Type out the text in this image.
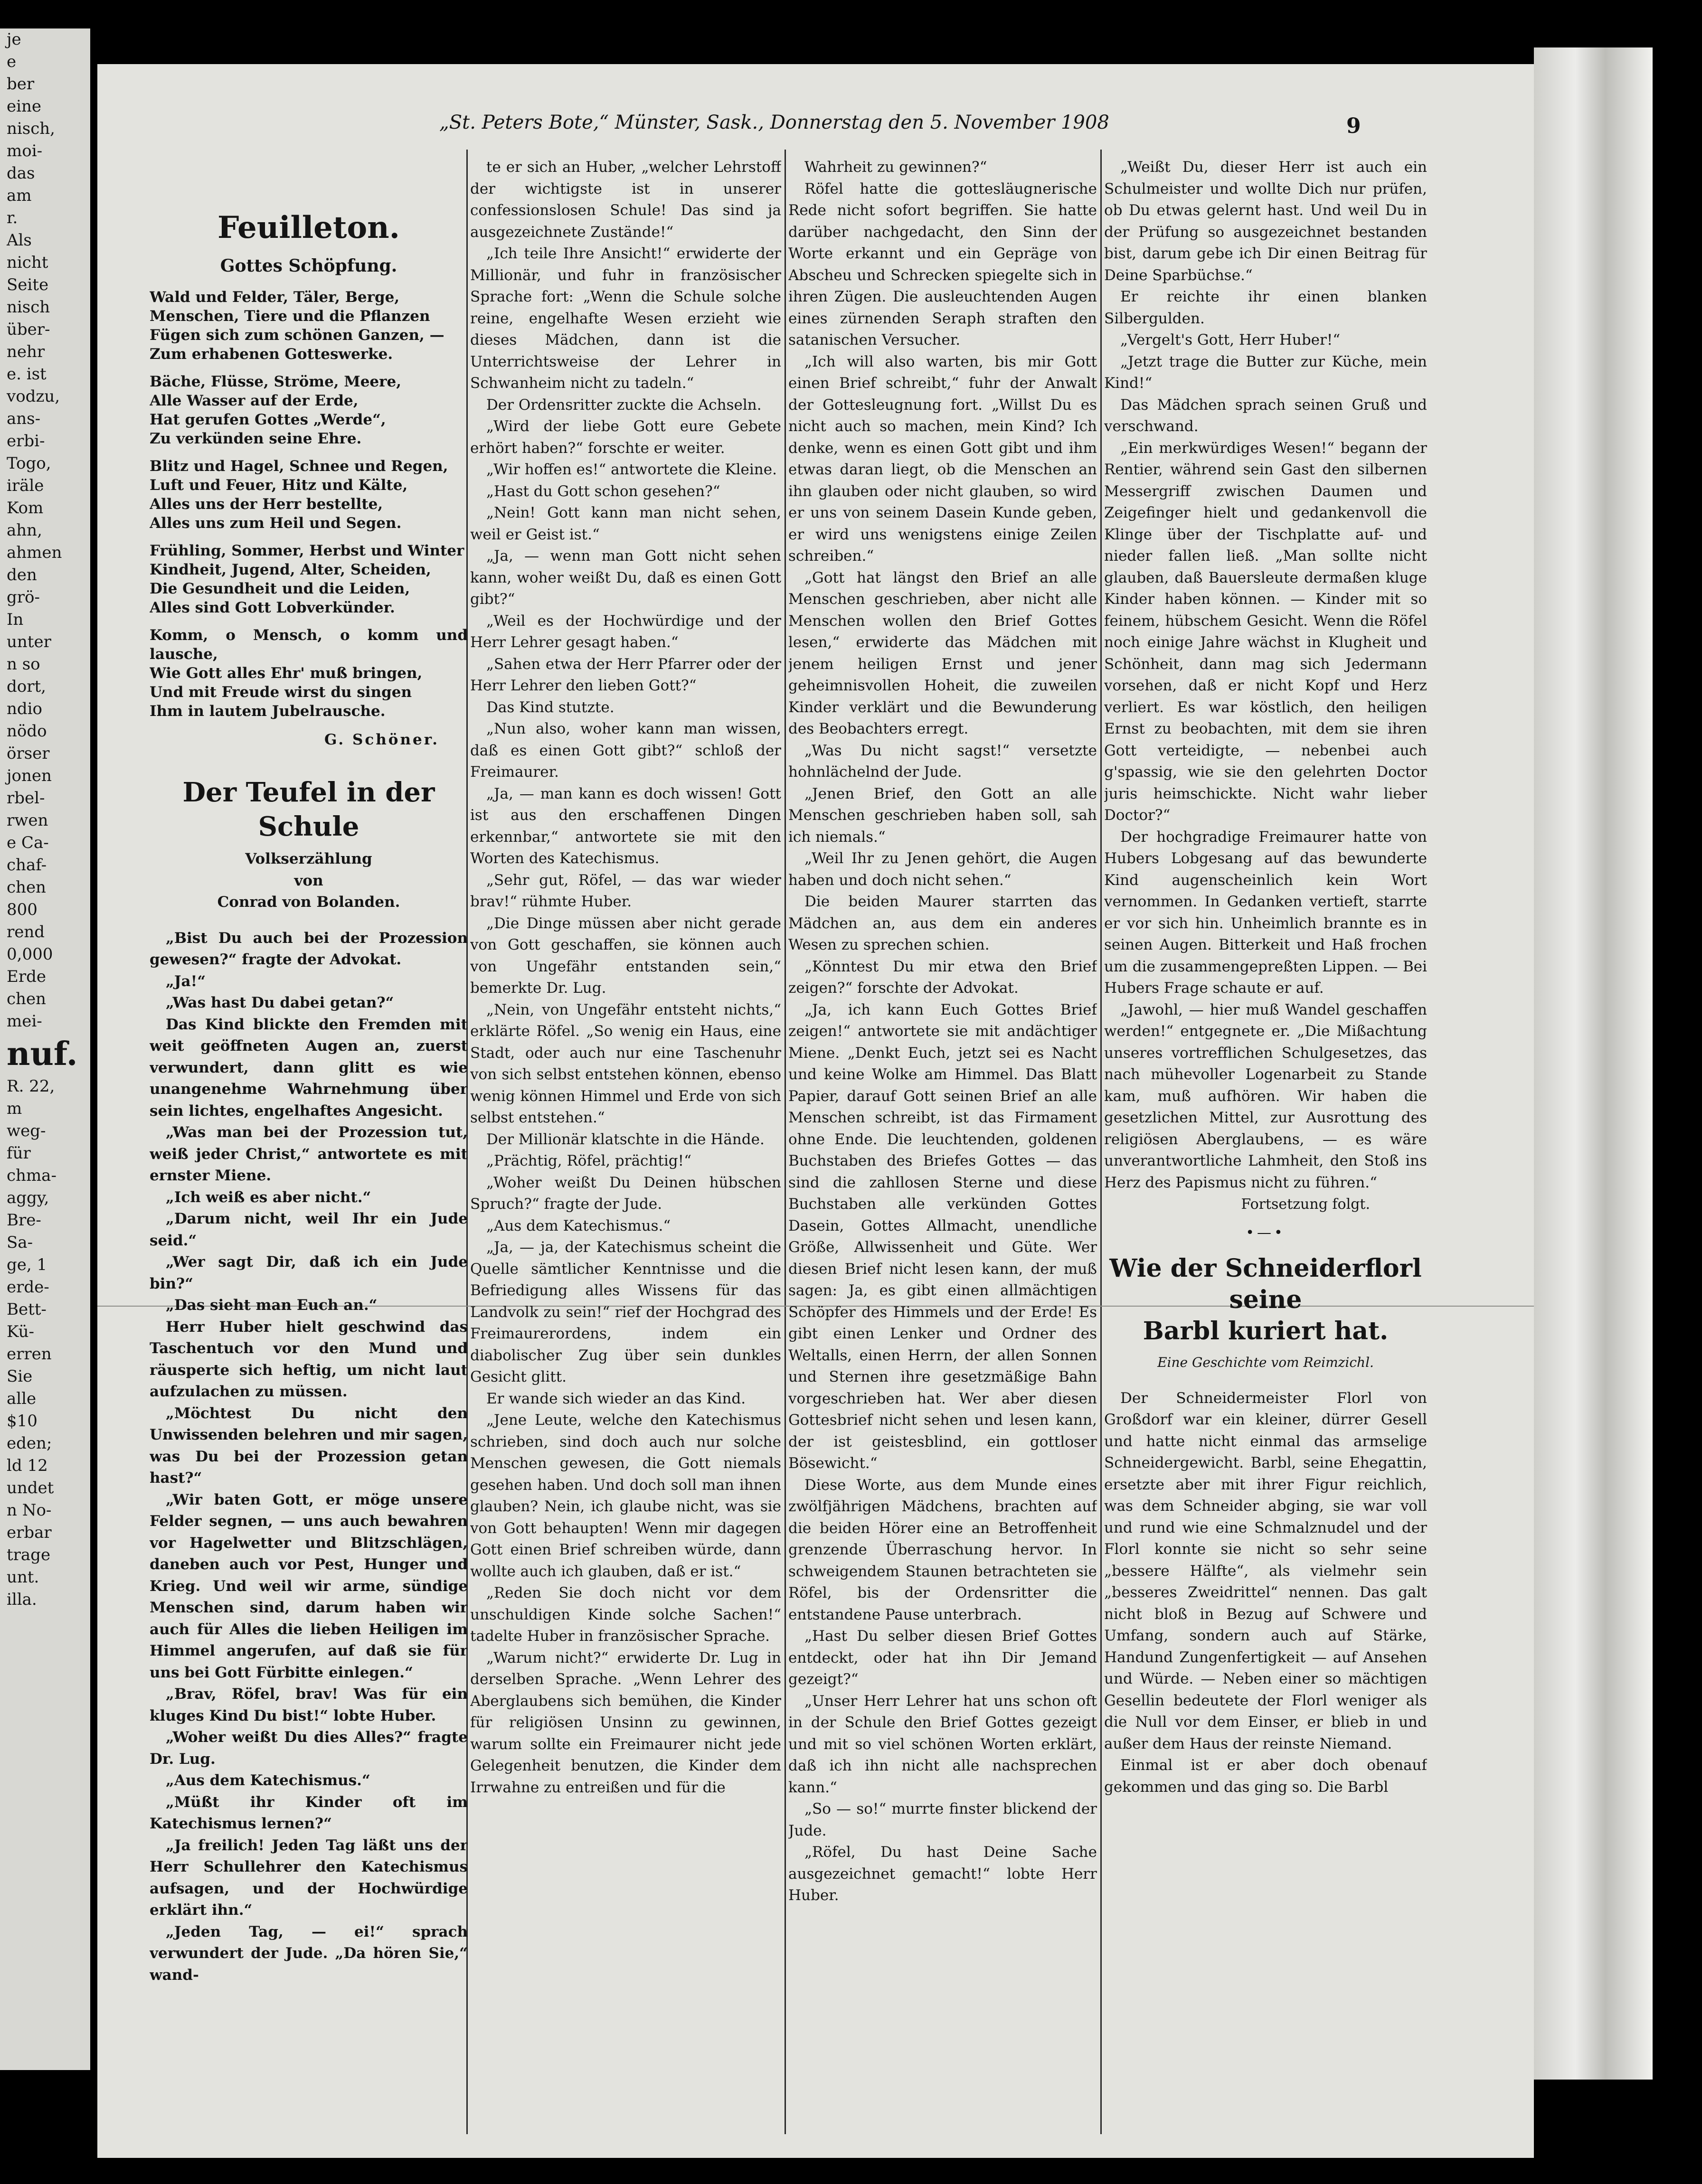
je
e
ber
eine
nisch,
moi-
das
am
r.
Als
nicht
Seite
nisch
über-
nehr
e. ist
vodzu,
ans-
erbi-
Togo,
iräle
Kom
ahn,
ahmen
den
grö-
In
unter
n so
dort,
ndio
nödo
örser
jonen
rbel-
rwen
e Ca-
chaf-
chen
800
rend
0,000
Erde
chen
mei-
nuf.
R. 22,
m
weg-
für
chma-
aggy,
Bre-
Sa-
ge, 1
erde-
Bett-
Kü-
erren
Sie
alle
$10
eden;
ld 12
undet
n No-
erbar
trage
unt.
illa.
„St. Peters Bote,“ Münster, Sask., Donnerstag den 5. November 1908	9
Feuilleton.
Gottes Schöpfung.

Wald und Felder, Täler, Berge,

Menschen, Tiere und die Pflanzen

Fügen sich zum schönen Ganzen, —

Zum erhabenen Gotteswerke.

Bäche, Flüsse, Ströme, Meere,

Alle Wasser auf der Erde,

Hat gerufen Gottes „Werde“,

Zu verkünden seine Ehre.

Blitz und Hagel, Schnee und Regen,

Luft und Feuer, Hitz und Kälte,

Alles uns der Herr bestellte,

Alles uns zum Heil und Segen.

Frühling, Sommer, Herbst und Winter

Kindheit, Jugend, Alter, Scheiden,

Die Gesundheit und die Leiden,

Alles sind Gott Lobverkünder.

Komm, o Mensch, o komm und lausche,

Wie Gott alles Ehr' muß bringen,

Und mit Freude wirst du singen

Ihm in lautem Jubelrausche.

G. Schöner.
Der Teufel in der Schule
Volkserzählung
von
Conrad von Bolanden.

„Bist Du auch bei der Prozession gewesen?“ fragte der Advokat.

„Ja!“

„Was hast Du dabei getan?“

Das Kind blickte den Fremden mit weit geöffneten Augen an, zuerst verwundert, dann glitt es wie unangenehme Wahrnehmung über sein lichtes, engelhaftes Angesicht.

„Was man bei der Prozession tut, weiß jeder Christ,“ antwortete es mit ernster Miene.

„Ich weiß es aber nicht.“

„Darum nicht, weil Ihr ein Jude seid.“

„Wer sagt Dir, daß ich ein Jude bin?“

„Das sieht man Euch an.“

Herr Huber hielt geschwind das Taschentuch vor den Mund und räusperte sich heftig, um nicht laut aufzulachen zu müssen.

„Möchtest Du nicht den Unwissenden belehren und mir sagen, was Du bei der Prozession getan hast?“

„Wir baten Gott, er möge unsere Felder segnen, — uns auch bewahren vor Hagelwetter und Blitzschlägen, daneben auch vor Pest, Hunger und Krieg. Und weil wir arme, sündige Menschen sind, darum haben wir auch für Alles die lieben Heiligen im Himmel angerufen, auf daß sie für uns bei Gott Fürbitte einlegen.“

„Brav, Röfel, brav! Was für ein kluges Kind Du bist!“ lobte Huber.

„Woher weißt Du dies Alles?“ fragte Dr. Lug.

„Aus dem Katechismus.“

„Müßt ihr Kinder oft im Katechismus lernen?“

„Ja freilich! Jeden Tag läßt uns der Herr Schullehrer den Katechismus aufsagen, und der Hochwürdige erklärt ihn.“

„Jeden Tag, — ei!“ sprach verwundert der Jude. „Da hören Sie,“ wand-

te er sich an Huber, „welcher Lehrstoff der wichtigste ist in unserer confessionslosen Schule! Das sind ja ausgezeichnete Zustände!“

„Ich teile Ihre Ansicht!“ erwiderte der Millionär, und fuhr in französischer Sprache fort: „Wenn die Schule solche reine, engelhafte Wesen erzieht wie dieses Mädchen, dann ist die Unterrichtsweise der Lehrer in Schwanheim nicht zu tadeln.“

Der Ordensritter zuckte die Achseln.

„Wird der liebe Gott eure Gebete erhört haben?“ forschte er weiter.

„Wir hoffen es!“ antwortete die Kleine.

„Hast du Gott schon gesehen?“

„Nein! Gott kann man nicht sehen, weil er Geist ist.“

„Ja, — wenn man Gott nicht sehen kann, woher weißt Du, daß es einen Gott gibt?“

„Weil es der Hochwürdige und der Herr Lehrer gesagt haben.“

„Sahen etwa der Herr Pfarrer oder der Herr Lehrer den lieben Gott?“

Das Kind stutzte.

„Nun also, woher kann man wissen, daß es einen Gott gibt?“ schloß der Freimaurer.

„Ja, — man kann es doch wissen! Gott ist aus den erschaffenen Dingen erkennbar,“ antwortete sie mit den Worten des Katechismus.

„Sehr gut, Röfel, — das war wieder brav!“ rühmte Huber.

„Die Dinge müssen aber nicht gerade von Gott geschaffen, sie können auch von Ungefähr entstanden sein,“ bemerkte Dr. Lug.

„Nein, von Ungefähr entsteht nichts,“ erklärte Röfel. „So wenig ein Haus, eine Stadt, oder auch nur eine Taschenuhr von sich selbst entstehen können, ebenso wenig können Himmel und Erde von sich selbst entstehen.“

Der Millionär klatschte in die Hände.

„Prächtig, Röfel, prächtig!“

„Woher weißt Du Deinen hübschen Spruch?“ fragte der Jude.

„Aus dem Katechismus.“

„Ja, — ja, der Katechismus scheint die Quelle sämtlicher Kenntnisse und die Befriedigung alles Wissens für das Landvolk zu sein!“ rief der Hochgrad des Freimaurerordens, indem ein diabolischer Zug über sein dunkles Gesicht glitt.

Er wande sich wieder an das Kind.

„Jene Leute, welche den Katechismus schrieben, sind doch auch nur solche Menschen gewesen, die Gott niemals gesehen haben. Und doch soll man ihnen glauben? Nein, ich glaube nicht, was sie von Gott behaupten! Wenn mir dagegen Gott einen Brief schreiben würde, dann wollte auch ich glauben, daß er ist.“

„Reden Sie doch nicht vor dem unschuldigen Kinde solche Sachen!“ tadelte Huber in französischer Sprache.

„Warum nicht?“ erwiderte Dr. Lug in derselben Sprache. „Wenn Lehrer des Aberglaubens sich bemühen, die Kinder für religiösen Unsinn zu gewinnen, warum sollte ein Freimaurer nicht jede Gelegenheit benutzen, die Kinder dem Irrwahne zu entreißen und für die

Wahrheit zu gewinnen?“

Röfel hatte die gottesläugnerische Rede nicht sofort begriffen. Sie hatte darüber nachgedacht, den Sinn der Worte erkannt und ein Gepräge von Abscheu und Schrecken spiegelte sich in ihren Zügen. Die ausleuchtenden Augen eines zürnenden Seraph straften den satanischen Versucher.

„Ich will also warten, bis mir Gott einen Brief schreibt,“ fuhr der Anwalt der Gottesleugnung fort. „Willst Du es nicht auch so machen, mein Kind? Ich denke, wenn es einen Gott gibt und ihm etwas daran liegt, ob die Menschen an ihn glauben oder nicht glauben, so wird er uns von seinem Dasein Kunde geben, er wird uns wenigstens einige Zeilen schreiben.“

„Gott hat längst den Brief an alle Menschen geschrieben, aber nicht alle Menschen wollen den Brief Gottes lesen,“ erwiderte das Mädchen mit jenem heiligen Ernst und jener geheimnisvollen Hoheit, die zuweilen Kinder verklärt und die Bewunderung des Beobachters erregt.

„Was Du nicht sagst!“ versetzte hohnlächelnd der Jude.

„Jenen Brief, den Gott an alle Menschen geschrieben haben soll, sah ich niemals.“

„Weil Ihr zu Jenen gehört, die Augen haben und doch nicht sehen.“

Die beiden Maurer starrten das Mädchen an, aus dem ein anderes Wesen zu sprechen schien.

„Könntest Du mir etwa den Brief zeigen?“ forschte der Advokat.

„Ja, ich kann Euch Gottes Brief zeigen!“ antwortete sie mit andächtiger Miene. „Denkt Euch, jetzt sei es Nacht und keine Wolke am Himmel. Das Blatt Papier, darauf Gott seinen Brief an alle Menschen schreibt, ist das Firmament ohne Ende. Die leuchtenden, goldenen Buchstaben des Briefes Gottes — das sind die zahllosen Sterne und diese Buchstaben alle verkünden Gottes Dasein, Gottes Allmacht, unendliche Größe, Allwissenheit und Güte. Wer diesen Brief nicht lesen kann, der muß sagen: Ja, es gibt einen allmächtigen Schöpfer des Himmels und der Erde! Es gibt einen Lenker und Ordner des Weltalls, einen Herrn, der allen Sonnen und Sternen ihre gesetzmäßige Bahn vorgeschrieben hat. Wer aber diesen Gottesbrief nicht sehen und lesen kann, der ist geistesblind, ein gottloser Bösewicht.“

Diese Worte, aus dem Munde eines zwölfjährigen Mädchens, brachten auf die beiden Hörer eine an Betroffenheit grenzende Überraschung hervor. In schweigendem Staunen betrachteten sie Röfel, bis der Ordensritter die entstandene Pause unterbrach.

„Hast Du selber diesen Brief Gottes entdeckt, oder hat ihn Dir Jemand gezeigt?“

„Unser Herr Lehrer hat uns schon oft in der Schule den Brief Gottes gezeigt und mit so viel schönen Worten erklärt, daß ich ihn nicht alle nachsprechen kann.“

„So — so!“ murrte finster blickend der Jude.

„Röfel, Du hast Deine Sache ausgezeichnet gemacht!“ lobte Herr Huber.

„Weißt Du, dieser Herr ist auch ein Schulmeister und wollte Dich nur prüfen, ob Du etwas gelernt hast. Und weil Du in der Prüfung so ausgezeichnet bestanden bist, darum gebe ich Dir einen Beitrag für Deine Sparbüchse.“

Er reichte ihr einen blanken Silbergulden.

„Vergelt's Gott, Herr Huber!“

„Jetzt trage die Butter zur Küche, mein Kind!“

Das Mädchen sprach seinen Gruß und verschwand.

„Ein merkwürdiges Wesen!“ begann der Rentier, während sein Gast den silbernen Messergriff zwischen Daumen und Zeigefinger hielt und gedankenvoll die Klinge über der Tischplatte auf- und nieder fallen ließ. „Man sollte nicht glauben, daß Bauersleute dermaßen kluge Kinder haben können. — Kinder mit so feinem, hübschem Gesicht. Wenn die Röfel noch einige Jahre wächst in Klugheit und Schönheit, dann mag sich Jedermann vorsehen, daß er nicht Kopf und Herz verliert. Es war köstlich, den heiligen Ernst zu beobachten, mit dem sie ihren Gott verteidigte, — nebenbei auch g'spassig, wie sie den gelehrten Doctor juris heimschickte. Nicht wahr lieber Doctor?“

Der hochgradige Freimaurer hatte von Hubers Lobgesang auf das bewunderte Kind augenscheinlich kein Wort vernommen. In Gedanken vertieft, starrte er vor sich hin. Unheimlich brannte es in seinen Augen. Bitterkeit und Haß frochen um die zusammengepreßten Lippen. — Bei Hubers Frage schaute er auf.

„Jawohl, — hier muß Wandel geschaffen werden!“ entgegnete er. „Die Mißachtung unseres vortrefflichen Schulgesetzes, das nach mühevoller Logenarbeit zu Stande kam, muß aufhören. Wir haben die gesetzlichen Mittel, zur Ausrottung des religiösen Aberglaubens, — es wäre unverantwortliche Lahmheit, den Stoß ins Herz des Papismus nicht zu führen.“

Fortsetzung folgt.
•—•
Wie der Schneiderflorl
seine
Barbl kuriert hat.
Eine Geschichte vom Reimzichl.

Der Schneidermeister Florl von Großdorf war ein kleiner, dürrer Gesell und hatte nicht einmal das armselige Schneidergewicht. Barbl, seine Ehegattin, ersetzte aber mit ihrer Figur reichlich, was dem Schneider abging, sie war voll und rund wie eine Schmalznudel und der Florl konnte sie nicht so sehr seine „bessere Hälfte“, als vielmehr sein „besseres Zweidrittel“ nennen. Das galt nicht bloß in Bezug auf Schwere und Umfang, sondern auch auf Stärke, Handund Zungenfertigkeit — auf Ansehen und Würde. — Neben einer so mächtigen Gesellin bedeutete der Florl weniger als die Null vor dem Einser, er blieb in und außer dem Haus der reinste Niemand.

Einmal ist er aber doch obenauf gekommen und das ging so. Die Barbl
